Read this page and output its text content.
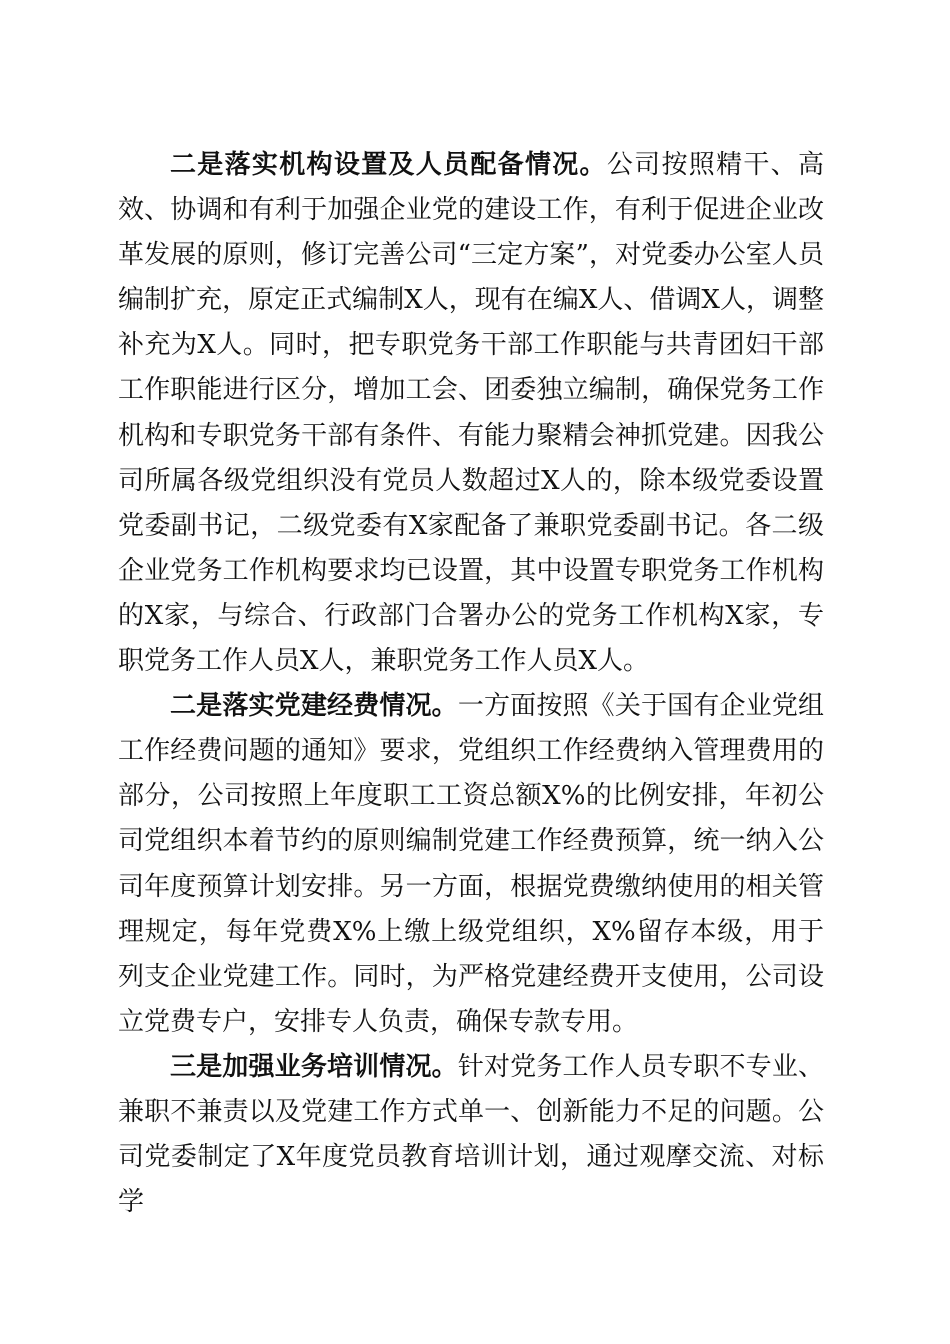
二是落实机构设置及人员配备情况。公司按照精干、高效、协调和有利于加强企业党的建设工作，有利于促进企业改革发展的原则，修订完善公司“三定方案”，对党委办公室人员编制扩充，原定正式编制X人，现有在编X人、借调X人，调整补充为X人。同时，把专职党务干部工作职能与共青团妇干部工作职能进行区分，增加工会、团委独立编制，确保党务工作机构和专职党务干部有条件、有能力聚精会神抓党建。因我公司所属各级党组织没有党员人数超过X人的，除本级党委设置党委副书记，二级党委有X家配备了兼职党委副书记。各二级企业党务工作机构要求均已设置，其中设置专职党务工作机构的X家，与综合、行政部门合署办公的党务工作机构X家，专职党务工作人员X人，兼职党务工作人员X人。

二是落实党建经费情况。一方面按照《关于国有企业党组工作经费问题的通知》要求，党组织工作经费纳入管理费用的部分，公司按照上年度职工工资总额X%的比例安排，年初公司党组织本着节约的原则编制党建工作经费预算，统一纳入公司年度预算计划安排。另一方面，根据党费缴纳使用的相关管理规定，每年党费X%上缴上级党组织，X%留存本级，用于列支企业党建工作。同时，为严格党建经费开支使用，公司设立党费专户，安排专人负责，确保专款专用。

三是加强业务培训情况。针对党务工作人员专职不专业、兼职不兼责以及党建工作方式单一、创新能力不足的问题。公司党委制定了X年度党员教育培训计划，通过观摩交流、对标学
